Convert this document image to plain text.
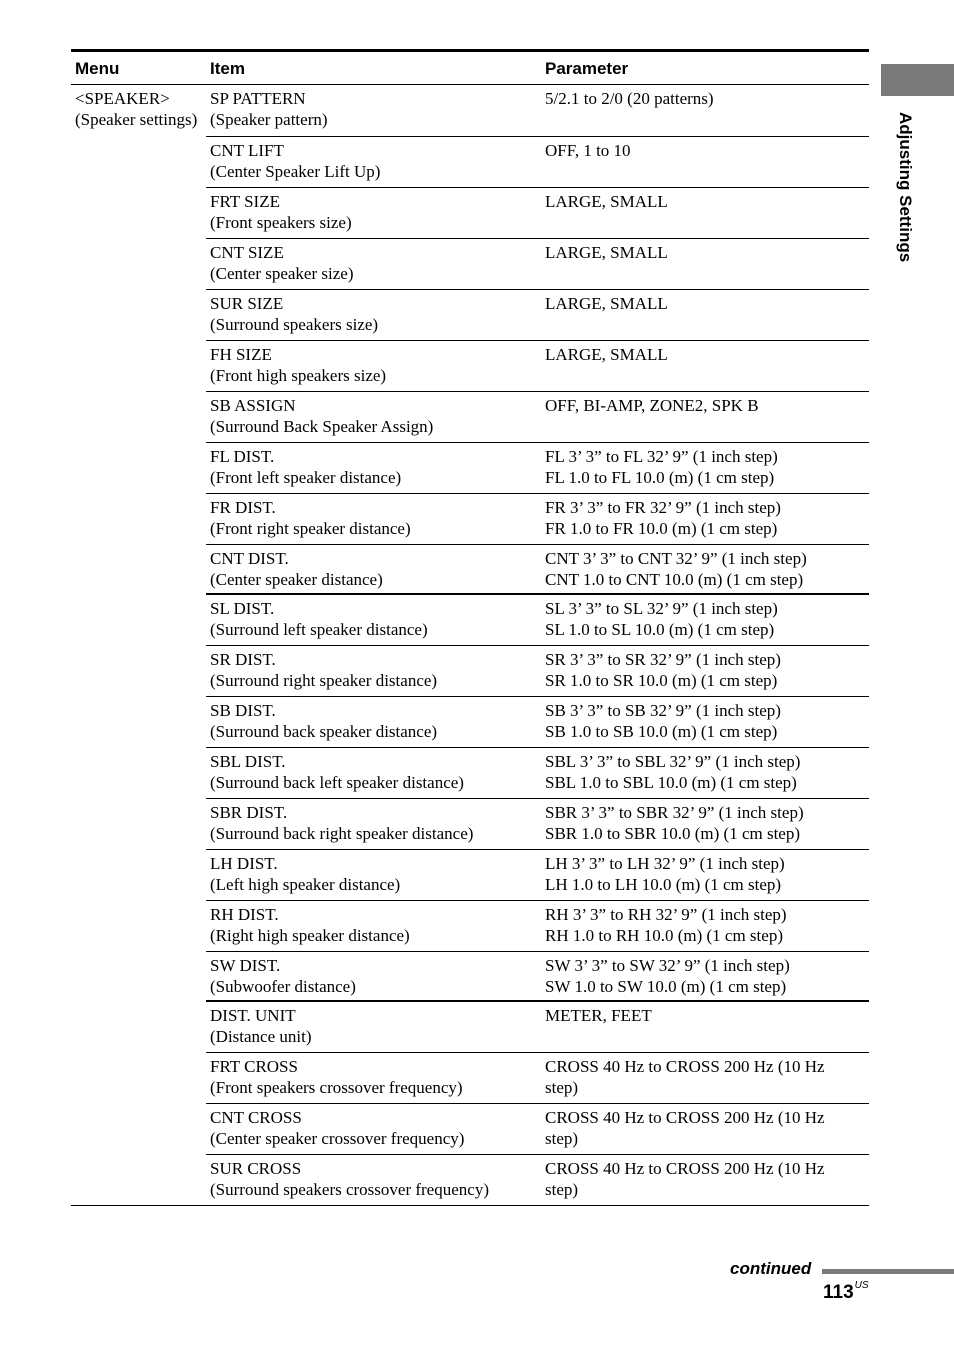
Menu	Item	Parameter
<SPEAKER>
(Speaker settings)
SP PATTERN
(Speaker pattern)
5/2.1 to 2/0 (20 patterns)
CNT LIFT
(Center Speaker Lift Up)
OFF, 1 to 10
FRT SIZE
(Front speakers size)
LARGE, SMALL
CNT SIZE
(Center speaker size)
LARGE, SMALL
SUR SIZE
(Surround speakers size)
LARGE, SMALL
FH SIZE
(Front high speakers size)
LARGE, SMALL
SB ASSIGN
(Surround Back Speaker Assign)
OFF, BI-AMP, ZONE2, SPK B
FL DIST.
(Front left speaker distance)
FL 3’ 3” to FL 32’ 9” (1 inch step)
FL 1.0 to FL 10.0 (m) (1 cm step)
FR DIST.
(Front right speaker distance)
FR 3’ 3” to FR 32’ 9” (1 inch step)
FR 1.0 to FR 10.0 (m) (1 cm step)
CNT DIST.
(Center speaker distance)
CNT 3’ 3” to CNT 32’ 9” (1 inch step)
CNT 1.0 to CNT 10.0 (m) (1 cm step)
SL DIST.
(Surround left speaker distance)
SL 3’ 3” to SL 32’ 9” (1 inch step)
SL 1.0 to SL 10.0 (m) (1 cm step)
SR DIST.
(Surround right speaker distance)
SR 3’ 3” to SR 32’ 9” (1 inch step)
SR 1.0 to SR 10.0 (m) (1 cm step)
SB DIST.
(Surround back speaker distance)
SB 3’ 3” to SB 32’ 9” (1 inch step)
SB 1.0 to SB 10.0 (m) (1 cm step)
SBL DIST.
(Surround back left speaker distance)
SBL 3’ 3” to SBL 32’ 9” (1 inch step)
SBL 1.0 to SBL 10.0 (m) (1 cm step)
SBR DIST.
(Surround back right speaker distance)
SBR 3’ 3” to SBR 32’ 9” (1 inch step)
SBR 1.0 to SBR 10.0 (m) (1 cm step)
LH DIST.
(Left high speaker distance)
LH 3’ 3” to LH 32’ 9” (1 inch step)
LH 1.0 to LH 10.0 (m) (1 cm step)
RH DIST.
(Right high speaker distance)
RH 3’ 3” to RH 32’ 9” (1 inch step)
RH 1.0 to RH 10.0 (m) (1 cm step)
SW DIST.
(Subwoofer distance)
SW 3’ 3” to SW 32’ 9” (1 inch step)
SW 1.0 to SW 10.0 (m) (1 cm step)
DIST. UNIT
(Distance unit)
METER, FEET
FRT CROSS
(Front speakers crossover frequency)
CROSS 40 Hz to CROSS 200 Hz (10 Hz
step)
CNT CROSS
(Center speaker crossover frequency)
CROSS 40 Hz to CROSS 200 Hz (10 Hz
step)
SUR CROSS
(Surround speakers crossover frequency)
CROSS 40 Hz to CROSS 200 Hz (10 Hz
step)
Adjusting Settings
continued
$113^{US}$
